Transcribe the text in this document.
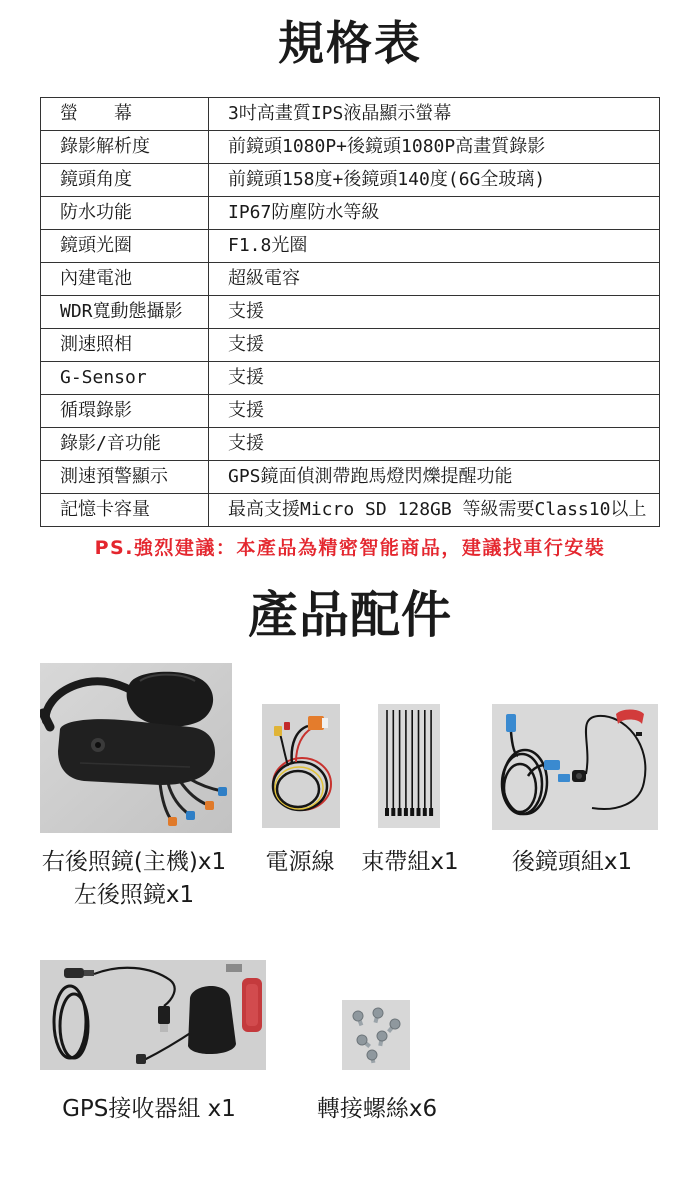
規格表
螢　　幕	3吋高畫質IPS液晶顯示螢幕
錄影解析度	前鏡頭1080P+後鏡頭1080P高畫質錄影
鏡頭角度	前鏡頭158度+後鏡頭140度(6G全玻璃)
防水功能	IP67防塵防水等級
鏡頭光圈	F1.8光圈
內建電池	超級電容
WDR寬動態攝影	支援
測速照相	支援
G-Sensor	支援
循環錄影	支援
錄影/音功能	支援
測速預警顯示	GPS鏡面偵測帶跑馬燈閃爍提醒功能
記憶卡容量	最高支援Micro SD 128GB 等級需要Class10以上
PS.強烈建議：本產品為精密智能商品，建議找車行安裝
產品配件
右後照鏡(主機)x1
左後照鏡x1
電源線	束帶組x1	後鏡頭組x1
GPS接收器組 x1	轉接螺絲x6
